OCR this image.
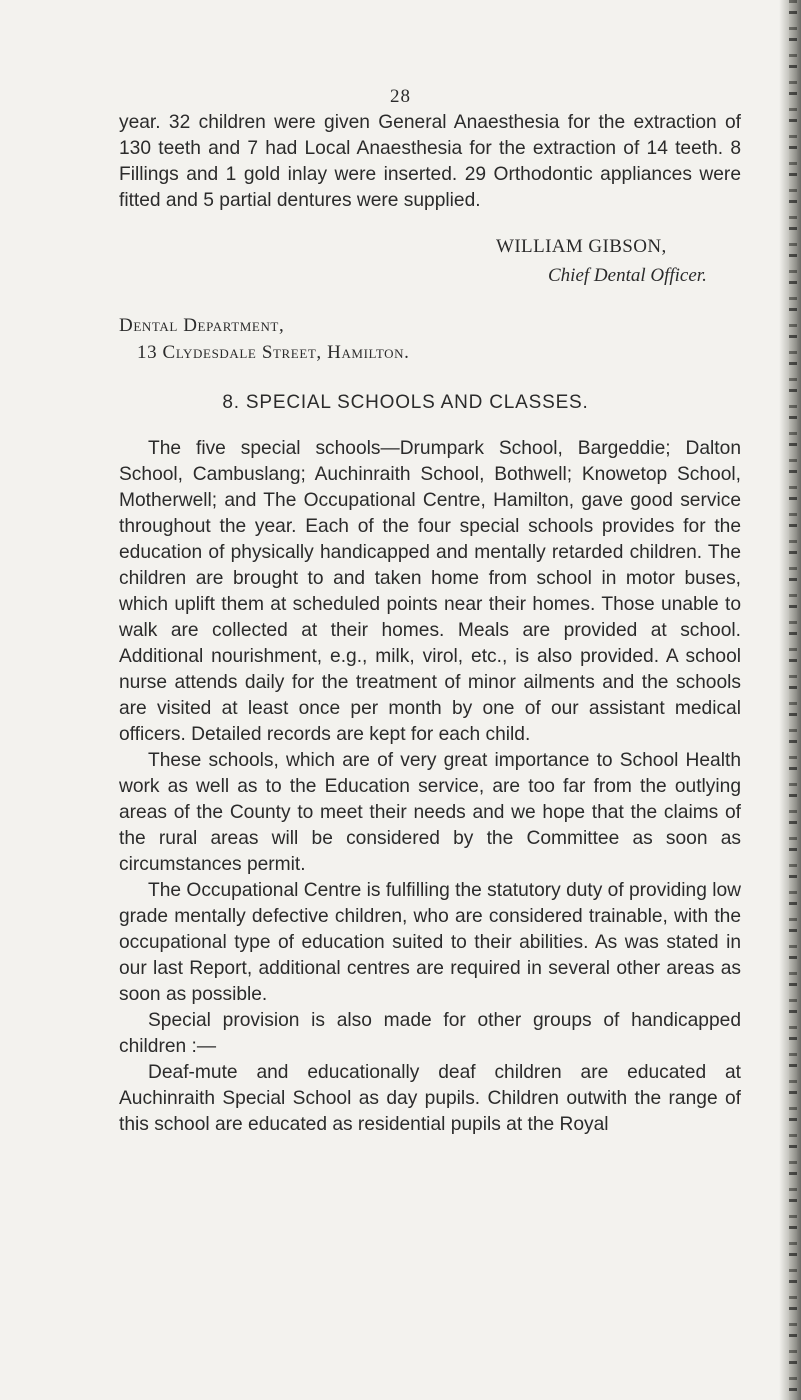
28

year. 32 children were given General Anaesthesia for the extraction of 130 teeth and 7 had Local Anaesthesia for the extraction of 14 teeth. 8 Fillings and 1 gold inlay were inserted. 29 Orthodontic appliances were fitted and 5 partial dentures were supplied.

WILLIAM GIBSON,
Chief Dental Officer.
Dental Department,
13 Clydesdale Street, Hamilton.
8. SPECIAL SCHOOLS AND CLASSES.

The five special schools—Drumpark School, Bargeddie; Dalton School, Cambuslang; Auchinraith School, Bothwell; Knowetop School, Motherwell; and The Occupational Centre, Hamilton, gave good service throughout the year. Each of the four special schools provides for the education of physically handicapped and mentally retarded children. The children are brought to and taken home from school in motor buses, which uplift them at scheduled points near their homes. Those unable to walk are collected at their homes. Meals are provided at school. Additional nourishment, e.g., milk, virol, etc., is also provided. A school nurse attends daily for the treatment of minor ailments and the schools are visited at least once per month by one of our assistant medical officers. Detailed records are kept for each child.

These schools, which are of very great importance to School Health work as well as to the Education service, are too far from the outlying areas of the County to meet their needs and we hope that the claims of the rural areas will be considered by the Committee as soon as circumstances permit.

The Occupational Centre is fulfilling the statutory duty of providing low grade mentally defective children, who are considered trainable, with the occupational type of education suited to their abilities. As was stated in our last Report, additional centres are required in several other areas as soon as possible.

Special provision is also made for other groups of handicapped children :—

Deaf-mute and educationally deaf children are educated at Auchinraith Special School as day pupils. Children outwith the range of this school are educated as residential pupils at the Royal
